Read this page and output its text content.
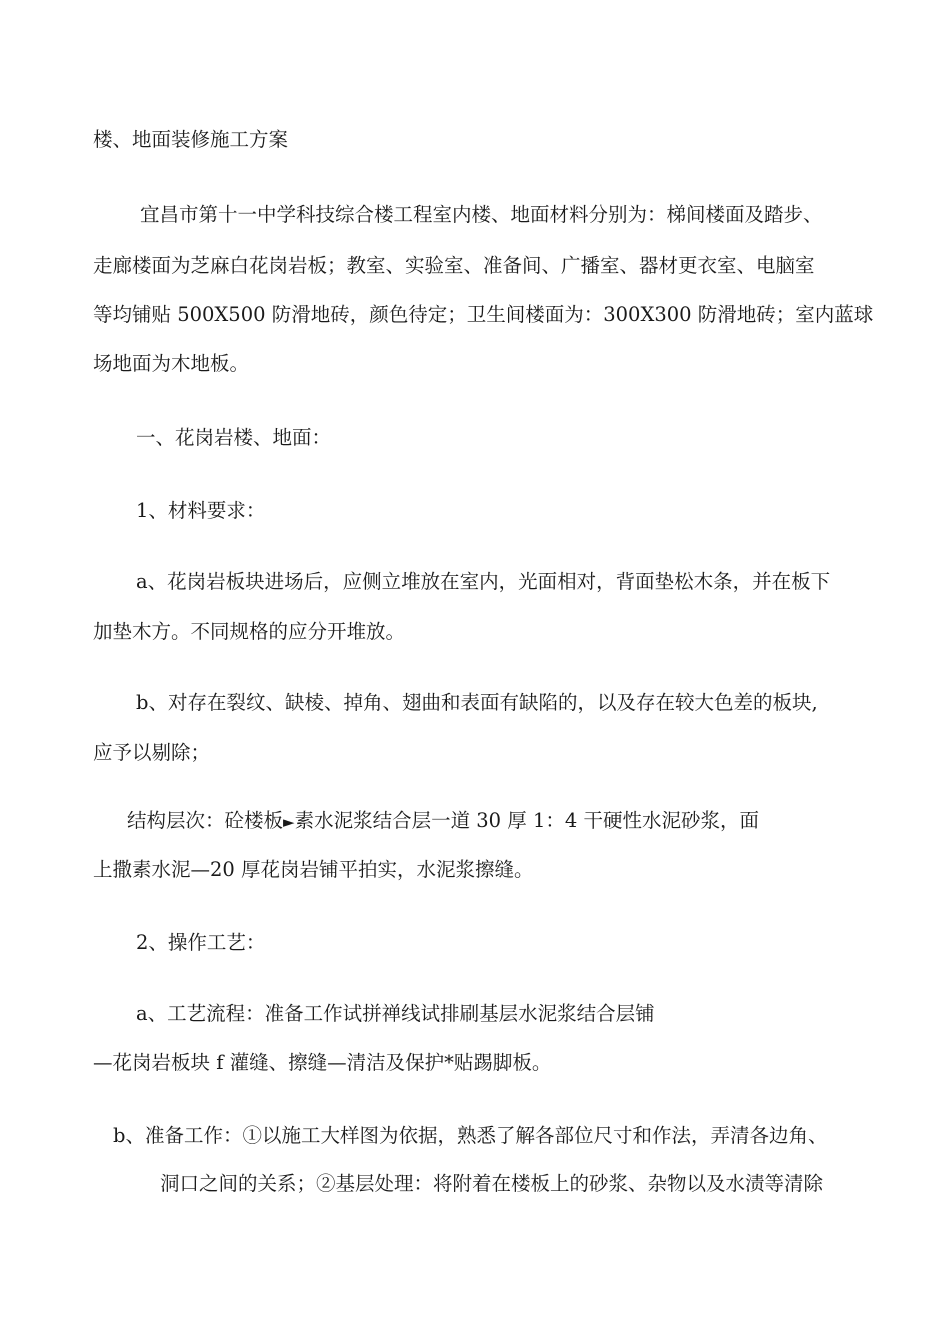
楼、地面装修施工方案
宜昌市第十一中学科技综合楼工程室内楼、地面材料分别为：梯间楼面及踏步、
走廊楼面为芝麻白花岗岩板；教室、实验室、准备间、广播室、器材更衣室、电脑室
等均铺贴 500X500 防滑地砖，颜色待定；卫生间楼面为：300X300 防滑地砖；室内蓝球
场地面为木地板。
一、花岗岩楼、地面：
1、材料要求：
a、花岗岩板块进场后，应侧立堆放在室内，光面相对，背面垫松木条，并在板下
加垫木方。不同规格的应分开堆放。
b、对存在裂纹、缺棱、掉角、翅曲和表面有缺陷的，以及存在较大色差的板块,
应予以剔除；
结构层次：砼楼板►素水泥浆结合层一道 30 厚 1：4 干硬性水泥砂浆，面
上撒素水泥—20 厚花岗岩铺平拍实，水泥浆擦缝。
2、操作工艺：
a、工艺流程：准备工作试拼禅线试排刷基层水泥浆结合层铺
—花岗岩板块 f 灌缝、擦缝—清洁及保护*贴踢脚板。
b、准备工作：①以施工大样图为依据，熟悉了解各部位尺寸和作法，弄清各边角、
洞口之间的关系；②基层处理：将附着在楼板上的砂浆、杂物以及水渍等清除
